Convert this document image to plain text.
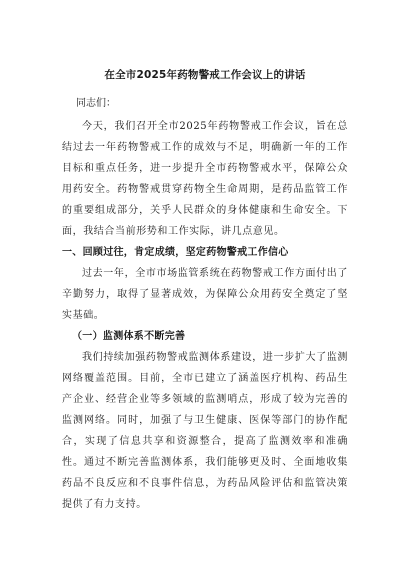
在全市2025年药物警戒工作会议上的讲话
同志们：

今天，我们召开全市2025年药物警戒工作会议，旨在总结过去一年药物警戒工作的成效与不足，明确新一年的工作目标和重点任务，进一步提升全市药物警戒水平，保障公众用药安全。药物警戒贯穿药物全生命周期，是药品监管工作的重要组成部分，关乎人民群众的身体健康和生命安全。下面，我结合当前形势和工作实际，讲几点意见。

一、回顾过往，肯定成绩，坚定药物警戒工作信心

过去一年，全市市场监管系统在药物警戒工作方面付出了辛勤努力，取得了显著成效，为保障公众用药安全奠定了坚实基础。

（一）监测体系不断完善

我们持续加强药物警戒监测体系建设，进一步扩大了监测网络覆盖范围。目前，全市已建立了涵盖医疗机构、药品生产企业、经营企业等多领域的监测哨点，形成了较为完善的监测网络。同时，加强了与卫生健康、医保等部门的协作配合，实现了信息共享和资源整合，提高了监测效率和准确性。通过不断完善监测体系，我们能够更及时、全面地收集药品不良反应和不良事件信息，为药品风险评估和监管决策提供了有力支持。
